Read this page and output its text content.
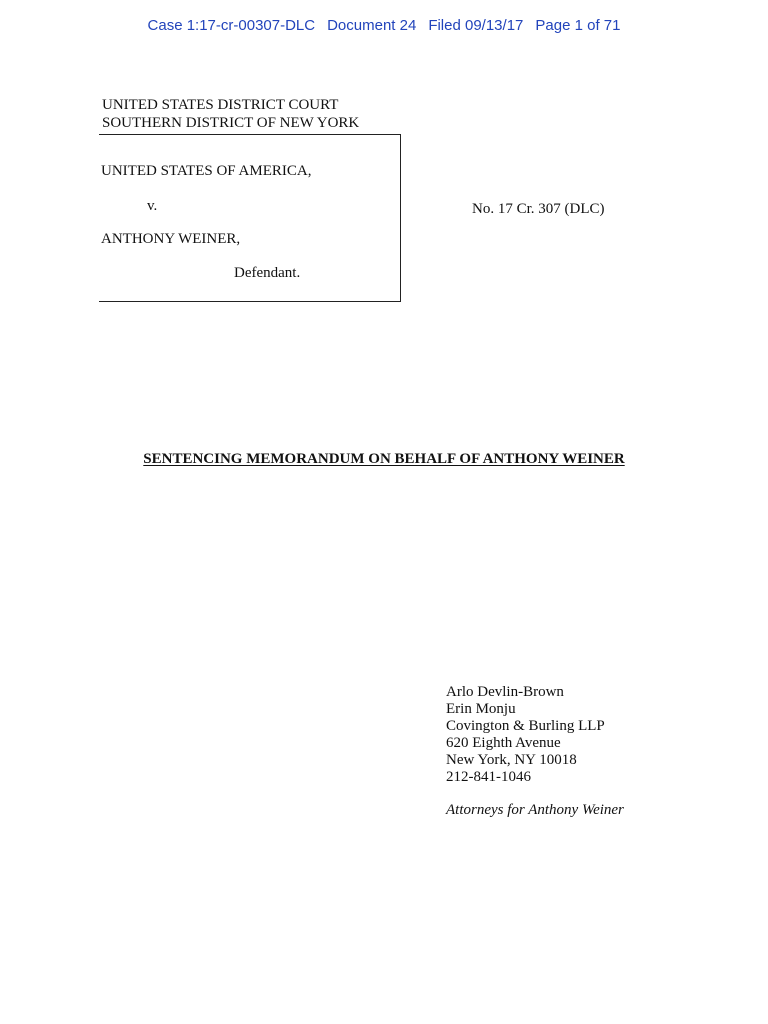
Case 1:17-cr-00307-DLC Document 24 Filed 09/13/17 Page 1 of 71
UNITED STATES DISTRICT COURT
SOUTHERN DISTRICT OF NEW YORK
UNITED STATES OF AMERICA,
v.
ANTHONY WEINER,
Defendant.
No. 17 Cr. 307 (DLC)
SENTENCING MEMORANDUM ON BEHALF OF ANTHONY WEINER
Arlo Devlin-Brown
Erin Monju
Covington & Burling LLP
620 Eighth Avenue
New York, NY 10018
212-841-1046
Attorneys for Anthony Weiner
